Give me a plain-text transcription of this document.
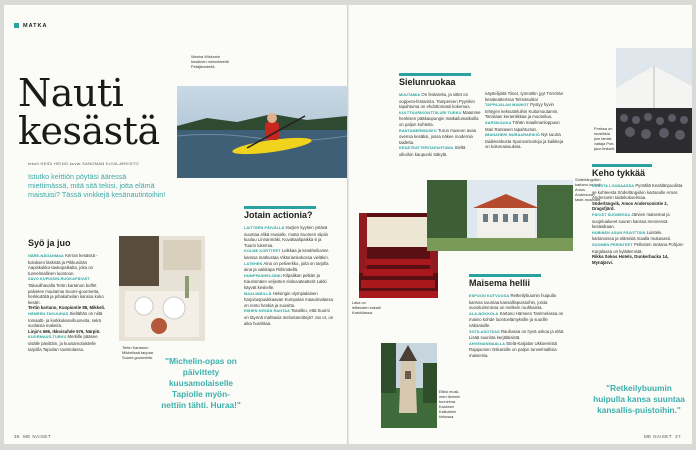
MATKA
Nauti
kesästä
teksti HEIDI HEINO kuvat SANOMAN KUVA-ARKISTO
Istutko keittiön pöytäsi ääressä miettimässä, mitä sitä tekisi, jotta elämä maistuisi? Tässä vinkkejä kesänautintoihin!
Wanha Wiskonin kesäinen melontareitti Petäjävedellä.
Syö ja juo

NÄRE-NÄGANMAA Kerran kesässä -koluksen läskistä ja Pikkusiirän Aapiskukko-taukopaikalta, joka on tunnelmallinen luontoon.

SAVO KUPIOSIN-RUOKAPÄIVÄT Takuuilhavalla Tertin kartanon buffet palvelee muutamia Suomi-gourmetta, herkkutöitä ja pihakahvilan kanssa koko kesän.

Tertin kartano, Kuopiontie 88, Mikkeli.

HÄMEEN-TAKUUHAS Siellähän on niitä tomaatti- ja kurkkukasvihuoneita, sekä suolaisia makeita.

Linjo's 686, Ikkoisuhde 576, Närpiö.

KUORMAUS-TURKU Merkille pääsee sisälle pävittäin, ja kuusamolaistelle tarjoilla Tapiolan ravintolassa.	Tertin Kartanon Mikkelissä tarjoaa Suomi-gourmetta.
Jotain actionia?

LAITTEEN PÄIVÄLLÄ Hurjien kyytien ystävä suuntaa elikä Huvialle, mutta Suomen siipiin kuuluu Linnanmäki, Kuvakaalipaikka 6 ja Tuurin lukemia.

KOLME KORTTEET Leikkaa ja kesäheiluvien kanssa matkustaa Viktoriankokossa vieläkin.

LATEHEN Aina on peliverkko, joita on tarjolla aina ja vaikkapa Riihimäellä.

HUMPPASHELSINKI Kilpailkan pelkän ja Kaurismäen veljesten elokuvateatterit Lakki käyvät keskelle.

MAALIMÄILLÄ Helsingin olympialainen harjoituspuukkaavan Kumpulan maauimalassa on rento henkiä ja suosittu.

RIIHEN KESÄN RANTAA Tasoitko, että Suomi on täynnä mahtavia melontareittejä? Jos et, on aika hurahtaa.

"Michelin-opas on päivittety kuusamolaiselle Tapiolle myön-nettiin tähti. Huraa!"
36 ME NAISET
Laka on leffaviden kaksiä Karkkilassa.
Eliksi musii-men lämmin tunnelma Kauksen Kaikutorin kirkossa.
Sielunruokaa

MUUTAMIA On festareita, ja sittet on ooppera-festareita. Tampereen Pyynikin tapahtuma on ehdottomasti kokemus.

KULTTUURIKONTTIILURI TURKU Maamme henkisen pääkaupungin matkailumatkoilla on paljon kohteita.

RANTAMERIMUSEO Turun museon avaa ovensa kesäksi, jossa näkee modernia taidetta.

KESÄTEATTERITAPAHTUMA Sieltä ulkoilun kaupunki Säkylä.

näyttelijöitä Tiinet, Iyömöttin jyyt Törrörän kesäteatterissa Telmäsoitta!

TAPPAJALAN MAINIOT Pystyy hyvin tehtyjen keksutteluihin Kuitumuutamin, Tarvitaan keramiikkaa ja muotoilua.

SARSIKAUKA Tähän maailmanloppuun Mari Rantasen tapahtumat.

IMANAHERI MURAARARIKIÖ Nyt suurta taidekeskusta Sponsorisoitoja ja kaikkeja on kokonaisuuksia.

Söderlängvikin kartano on koti Amos Andersonin taide-museolle.
Maisema hellii

ESPOON KUTVOOSA Retkeilybuumin huipulla kanssa suuntaa kansallispuistoihin, joista suosituimmissa on melkein ruuhkaista.

ALA-NOKKOLA Kartano Hämeen Tammelassa on mainio kohde luontoelämyksille ja suurille näköaloille.

SOTILASOTSAS Rauhassa on hyvä uskoa ja elää. Lisää suurista kerjäläisistä.

AHVENANMAALLA Etelä-Karjalan Ukkoemistä Rajajoonen Oskarsille on paljon tunnelmallisia maisemia.

Porissa on musiikkia jum lamist vaitaja Pori-jazz-festarit.
Keho tykkää

KUUSTA LOUNAASSA Pyörällä Kesälänpuolista se kohteesta Söderlängvikin kartanolle Amos Andersonin taidekokoelmaa.

Söderlängvik, Amos Andersonintie 2, Dragsfjärd.

PÄIVÄT SUOMESSA Järvien maisemat ja suojelualueet suuren kanssa mennessä kesäaikaan.

HUBINEN ASUN PÄIVITTÄIN Luistelu kartanoissa ja elämisiä maalla mukavasti.

SUOMEN PERINTEET Pellosten rantana Pohjois-Karjalassa on kyläilemistä.

Rikka Sokos Hotels, Dunkerbacka 14, Mynäjärvi.

"Retkeilybuumin huipulla kansa suuntaa kansallis-puistoihin."
ME NAISET 37
